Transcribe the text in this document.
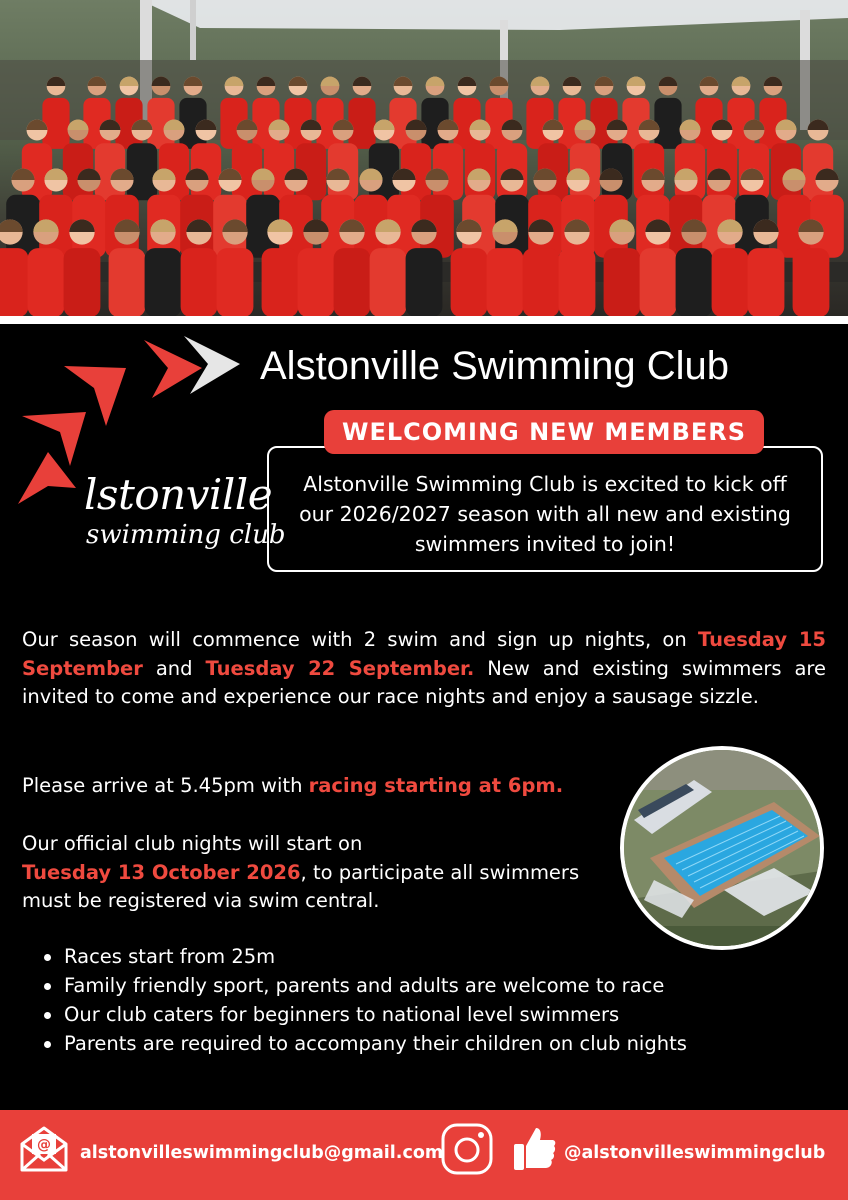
lstonville
swimming club
Alstonville Swimming Club
Alstonville Swimming Club is excited to kick off our 2026/2027 season with all new and existing swimmers invited to join!
WELCOMING NEW MEMBERS

Our season will commence with 2 swim and sign up nights, on Tuesday 15 September and Tuesday 22 September. New and existing swimmers are invited to come and experience our race nights and enjoy a sausage sizzle.

Please arrive at 5.45pm with racing starting at 6pm.

Our official club nights will start on
Tuesday 13 October 2026, to participate all swimmers must be registered via swim central.

Races start from 25m
Family friendly sport, parents and adults are welcome to race
Our club caters for beginners to national level swimmers
Parents are required to accompany their children on club nights
@ alstonvilleswimmingclub@gmail.com	@alstonvilleswimmingclub
